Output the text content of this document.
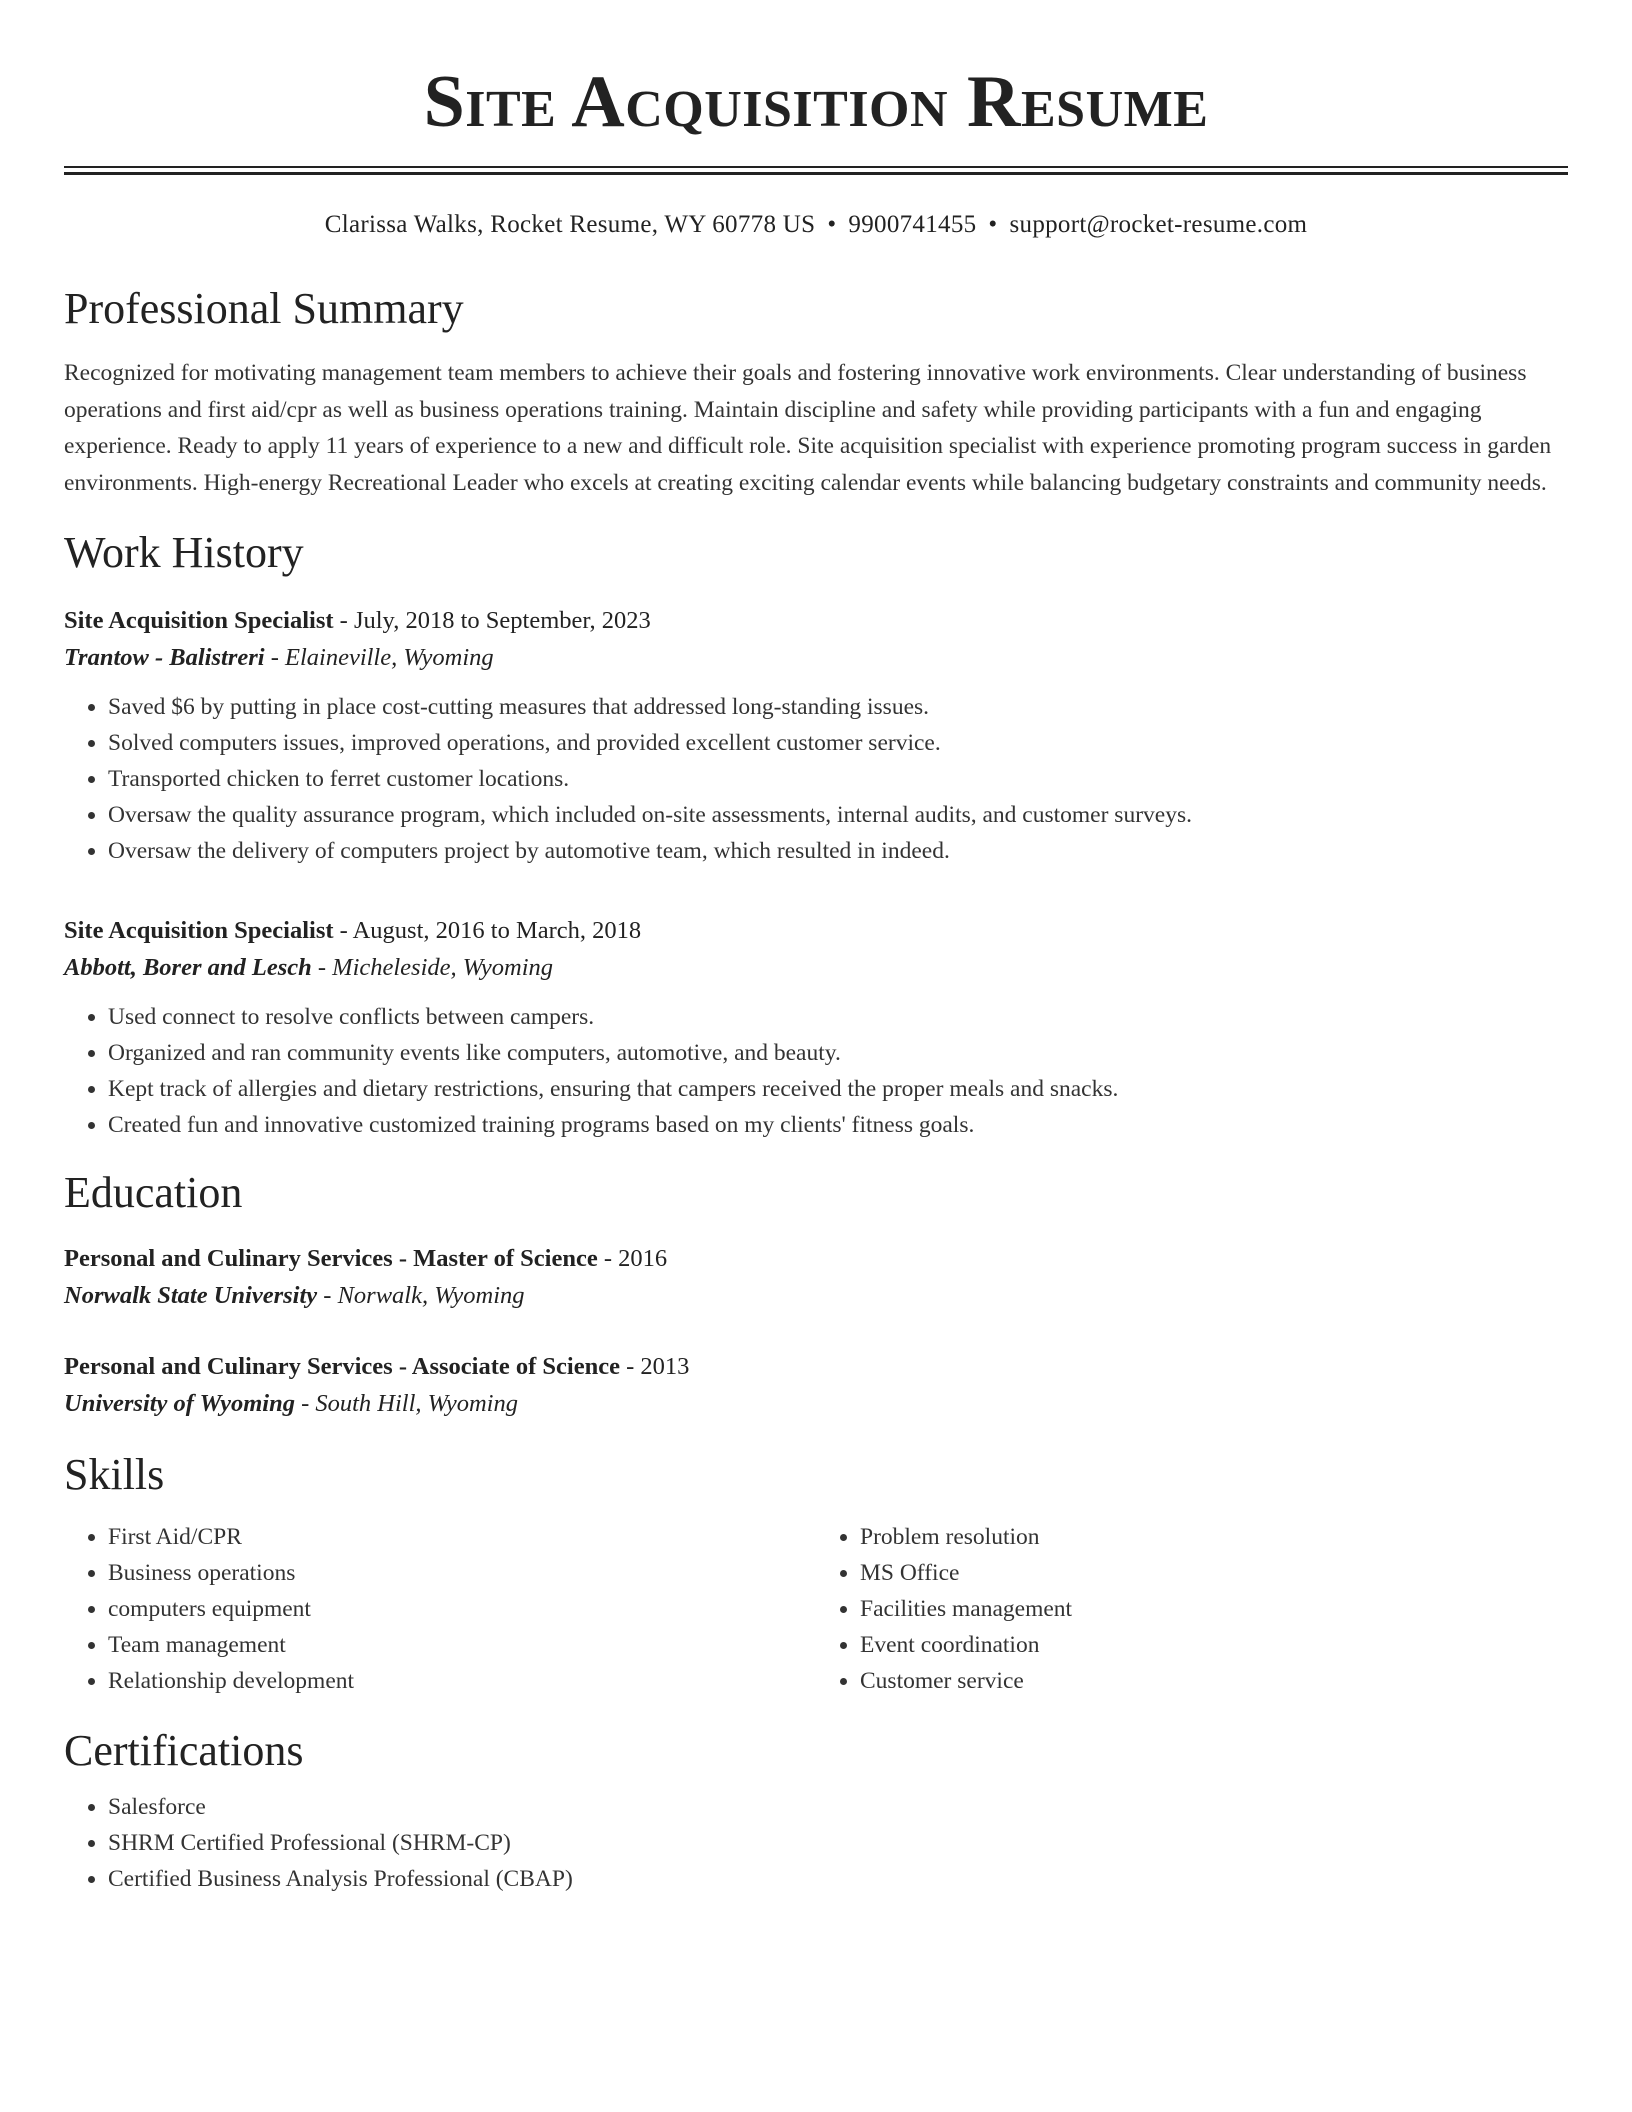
Site Acquisition Resume
Clarissa Walks, Rocket Resume, WY 60778 US • 9900741455 • support@rocket-resume.com
Professional Summary

Recognized for motivating management team members to achieve their goals and fostering innovative work environments. Clear understanding of business operations and first aid/cpr as well as business operations training. Maintain discipline and safety while providing participants with a fun and engaging experience. Ready to apply 11 years of experience to a new and difficult role. Site acquisition specialist with experience promoting program success in garden environments. High-energy Recreational Leader who excels at creating exciting calendar events while balancing budgetary constraints and community needs.

Work History
Site Acquisition Specialist - July, 2018 to September, 2023
Trantow - Balistreri - Elaineville, Wyoming
• Saved $6 by putting in place cost-cutting measures that addressed long-standing issues.
• Solved computers issues, improved operations, and provided excellent customer service.
• Transported chicken to ferret customer locations.
• Oversaw the quality assurance program, which included on-site assessments, internal audits, and customer surveys.
• Oversaw the delivery of computers project by automotive team, which resulted in indeed.
Site Acquisition Specialist - August, 2016 to March, 2018
Abbott, Borer and Lesch - Micheleside, Wyoming
• Used connect to resolve conflicts between campers.
• Organized and ran community events like computers, automotive, and beauty.
• Kept track of allergies and dietary restrictions, ensuring that campers received the proper meals and snacks.
• Created fun and innovative customized training programs based on my clients' fitness goals.
Education
Personal and Culinary Services - Master of Science - 2016
Norwalk State University - Norwalk, Wyoming
Personal and Culinary Services - Associate of Science - 2013
University of Wyoming - South Hill, Wyoming
Skills
• First Aid/CPR
• Business operations
• computers equipment
• Team management
• Relationship development
• Problem resolution
• MS Office
• Facilities management
• Event coordination
• Customer service
Certifications
• Salesforce
• SHRM Certified Professional (SHRM-CP)
• Certified Business Analysis Professional (CBAP)
